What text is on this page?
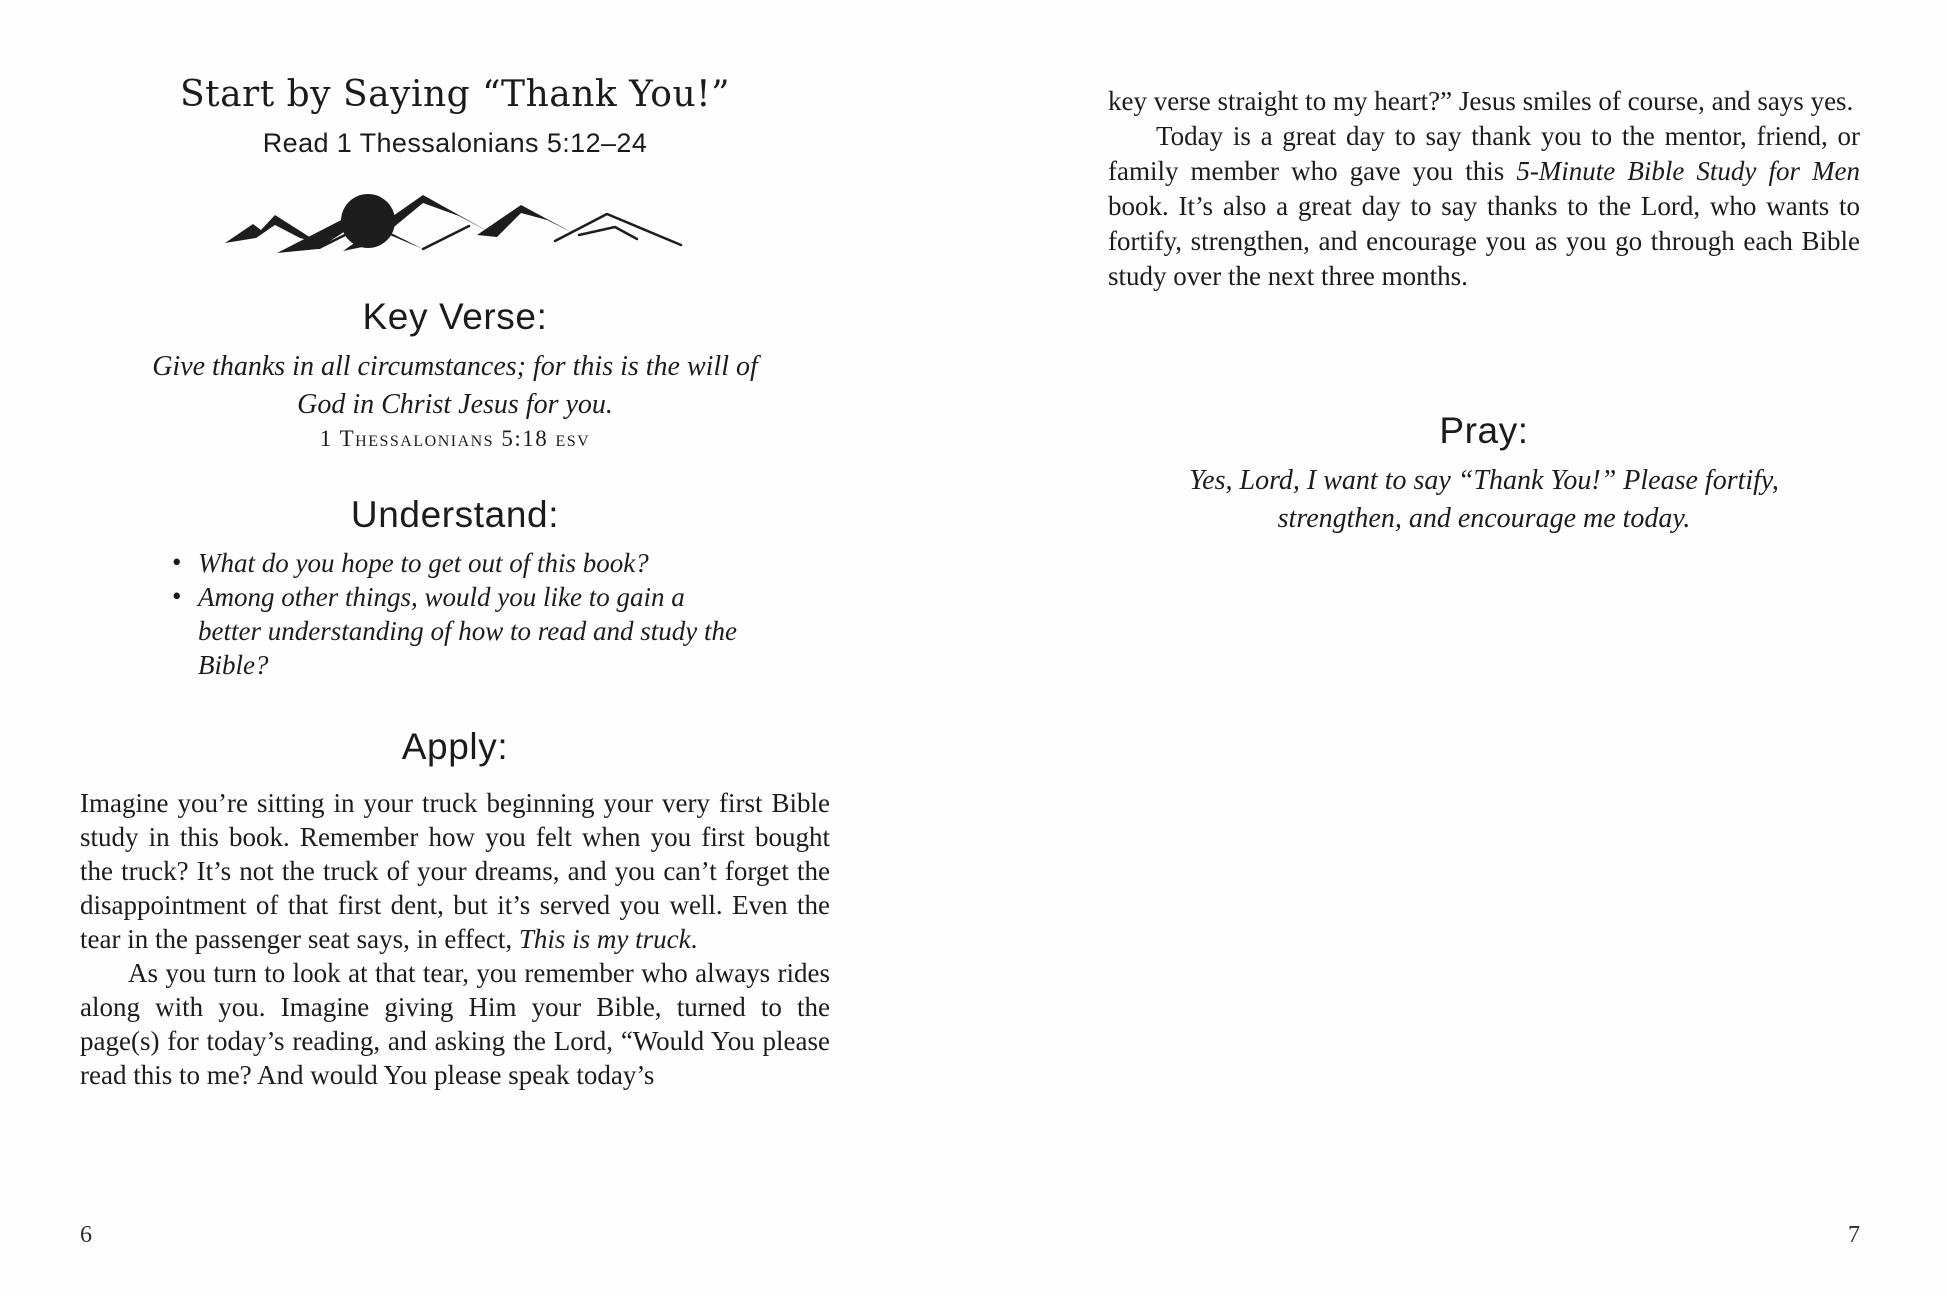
Start by Saying “Thank You!”

Read 1 Thessalonians 5:12–24

Key Verse:

Give thanks in all circumstances; for this is the will of God in Christ Jesus for you.

1 Thessalonians 5:18 esv

Understand:
• What do you hope to get out of this book?
• Among other things, would you like to gain a better understanding of how to read and study the Bible?
Apply:

Imagine you’re sitting in your truck beginning your very first Bible study in this book. Remember how you felt when you first bought the truck? It’s not the truck of your dreams, and you can’t forget the disappointment of that first dent, but it’s served you well. Even the tear in the passenger seat says, in effect, This is my truck.

As you turn to look at that tear, you remember who always rides along with you. Imagine giving Him your Bible, turned to the page(s) for today’s reading, and asking the Lord, “Would You please read this to me? And would You please speak today’s

6

key verse straight to my heart?” Jesus smiles of course, and says yes.

Today is a great day to say thank you to the mentor, friend, or family member who gave you this 5-Minute Bible Study for Men book. It’s also a great day to say thanks to the Lord, who wants to fortify, strengthen, and encourage you as you go through each Bible study over the next three months.

Pray:

Yes, Lord, I want to say “Thank You!” Please fortify, strengthen, and encourage me today.

7
